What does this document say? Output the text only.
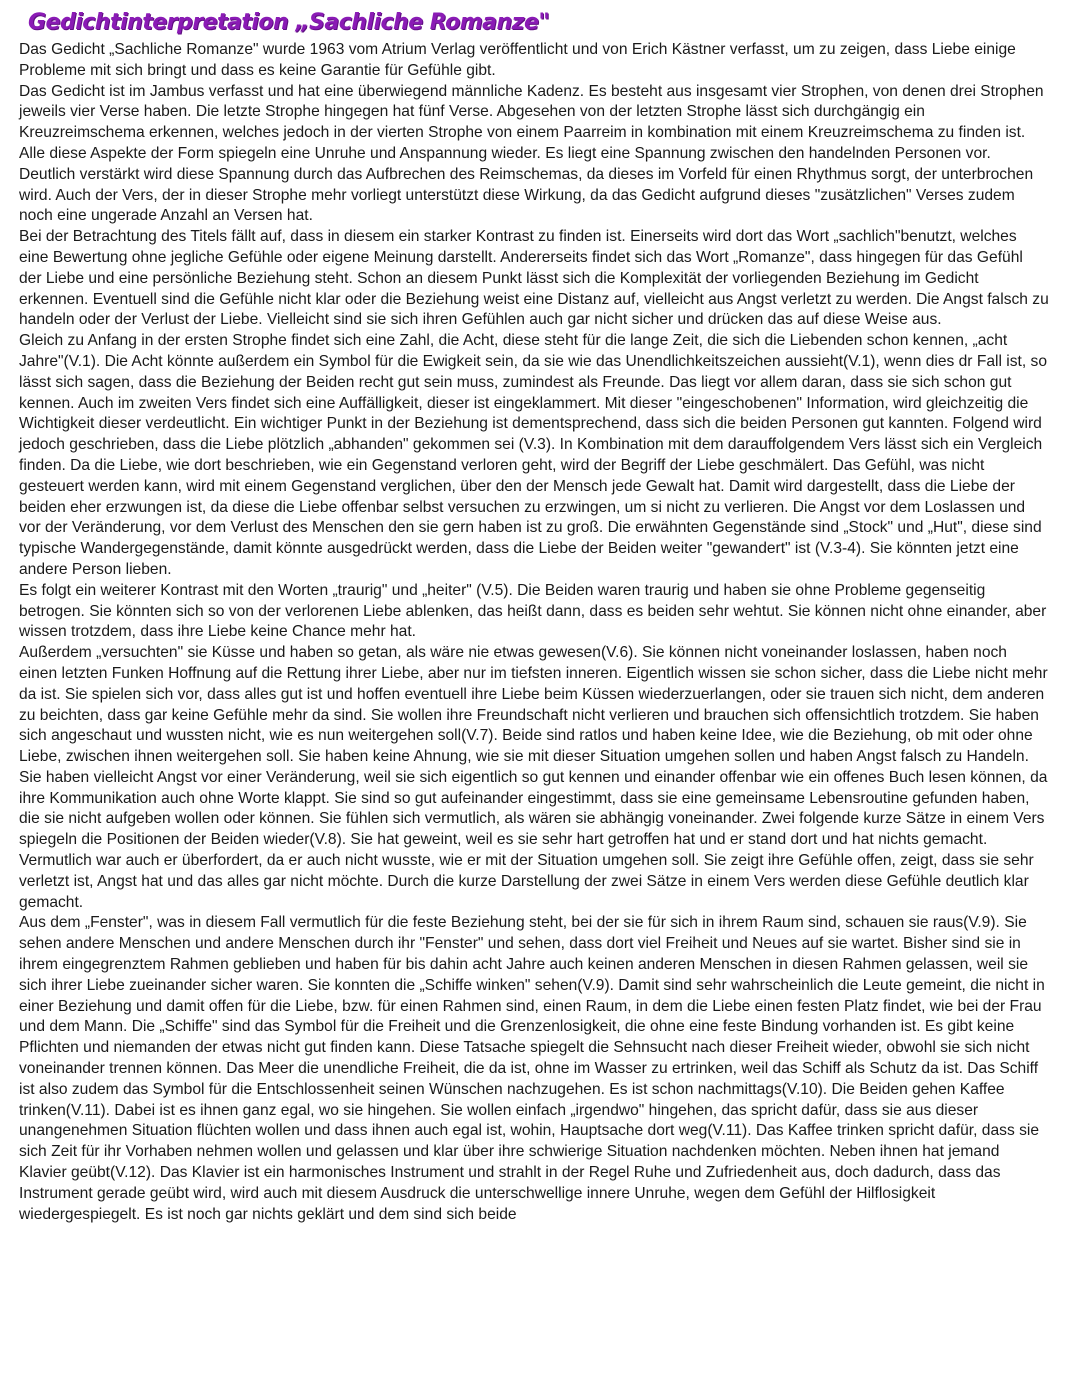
Gedichtinterpretation „Sachliche Romanze"

Das Gedicht „Sachliche Romanze" wurde 1963 vom Atrium Verlag veröffentlicht und von Erich Kästner verfasst, um zu zeigen, dass Liebe einige Probleme mit sich bringt und dass es keine Garantie für Gefühle gibt.

Das Gedicht ist im Jambus verfasst und hat eine überwiegend männliche Kadenz. Es besteht aus insgesamt vier Strophen, von denen drei Strophen jeweils vier Verse haben. Die letzte Strophe hingegen hat fünf Verse. Abgesehen von der letzten Strophe lässt sich durchgängig ein Kreuzreimschema erkennen, welches jedoch in der vierten Strophe von einem Paarreim in kombination mit einem Kreuzreimschema zu finden ist. Alle diese Aspekte der Form spiegeln eine Unruhe und Anspannung wieder. Es liegt eine Spannung zwischen den handelnden Personen vor. Deutlich verstärkt wird diese Spannung durch das Aufbrechen des Reimschemas, da dieses im Vorfeld für einen Rhythmus sorgt, der unterbrochen wird. Auch der Vers, der in dieser Strophe mehr vorliegt unterstützt diese Wirkung, da das Gedicht aufgrund dieses "zusätzlichen" Verses zudem noch eine ungerade Anzahl an Versen hat.

Bei der Betrachtung des Titels fällt auf, dass in diesem ein starker Kontrast zu finden ist. Einerseits wird dort das Wort „sachlich"benutzt, welches eine Bewertung ohne jegliche Gefühle oder eigene Meinung darstellt. Andererseits findet sich das Wort „Romanze", dass hingegen für das Gefühl der Liebe und eine persönliche Beziehung steht. Schon an diesem Punkt lässt sich die Komplexität der vorliegenden Beziehung im Gedicht erkennen. Eventuell sind die Gefühle nicht klar oder die Beziehung weist eine Distanz auf, vielleicht aus Angst verletzt zu werden. Die Angst falsch zu handeln oder der Verlust der Liebe. Vielleicht sind sie sich ihren Gefühlen auch gar nicht sicher und drücken das auf diese Weise aus.

Gleich zu Anfang in der ersten Strophe findet sich eine Zahl, die Acht, diese steht für die lange Zeit, die sich die Liebenden schon kennen, „acht Jahre"(V.1). Die Acht könnte außerdem ein Symbol für die Ewigkeit sein, da sie wie das Unendlichkeitszeichen aussieht(V.1), wenn dies dr Fall ist, so lässt sich sagen, dass die Beziehung der Beiden recht gut sein muss, zumindest als Freunde. Das liegt vor allem daran, dass sie sich schon gut kennen. Auch im zweiten Vers findet sich eine Auffälligkeit, dieser ist eingeklammert. Mit dieser "eingeschobenen" Information, wird gleichzeitig die Wichtigkeit dieser verdeutlicht. Ein wichtiger Punkt in der Beziehung ist dementsprechend, dass sich die beiden Personen gut kannten. Folgend wird jedoch geschrieben, dass die Liebe plötzlich „abhanden" gekommen sei (V.3). In Kombination mit dem darauffolgendem Vers lässt sich ein Vergleich finden. Da die Liebe, wie dort beschrieben, wie ein Gegenstand verloren geht, wird der Begriff der Liebe geschmälert. Das Gefühl, was nicht gesteuert werden kann, wird mit einem Gegenstand verglichen, über den der Mensch jede Gewalt hat. Damit wird dargestellt, dass die Liebe der beiden eher erzwungen ist, da diese die Liebe offenbar selbst versuchen zu erzwingen, um si nicht zu verlieren. Die Angst vor dem Loslassen und vor der Veränderung, vor dem Verlust des Menschen den sie gern haben ist zu groß. Die erwähnten Gegenstände sind „Stock" und „Hut", diese sind typische Wandergegenstände, damit könnte ausgedrückt werden, dass die Liebe der Beiden weiter "gewandert" ist (V.3-4). Sie könnten jetzt eine andere Person lieben.

Es folgt ein weiterer Kontrast mit den Worten „traurig" und „heiter" (V.5). Die Beiden waren traurig und haben sie ohne Probleme gegenseitig betrogen. Sie könnten sich so von der verlorenen Liebe ablenken, das heißt dann, dass es beiden sehr wehtut. Sie können nicht ohne einander, aber wissen trotzdem, dass ihre Liebe keine Chance mehr hat.

Außerdem „versuchten" sie Küsse und haben so getan, als wäre nie etwas gewesen(V.6). Sie können nicht voneinander loslassen, haben noch einen letzten Funken Hoffnung auf die Rettung ihrer Liebe, aber nur im tiefsten inneren. Eigentlich wissen sie schon sicher, dass die Liebe nicht mehr da ist. Sie spielen sich vor, dass alles gut ist und hoffen eventuell ihre Liebe beim Küssen wiederzuerlangen, oder sie trauen sich nicht, dem anderen zu beichten, dass gar keine Gefühle mehr da sind. Sie wollen ihre Freundschaft nicht verlieren und brauchen sich offensichtlich trotzdem. Sie haben sich angeschaut und wussten nicht, wie es nun weitergehen soll(V.7). Beide sind ratlos und haben keine Idee, wie die Beziehung, ob mit oder ohne Liebe, zwischen ihnen weitergehen soll. Sie haben keine Ahnung, wie sie mit dieser Situation umgehen sollen und haben Angst falsch zu Handeln. Sie haben vielleicht Angst vor einer Veränderung, weil sie sich eigentlich so gut kennen und einander offenbar wie ein offenes Buch lesen können, da ihre Kommunikation auch ohne Worte klappt. Sie sind so gut aufeinander eingestimmt, dass sie eine gemeinsame Lebensroutine gefunden haben, die sie nicht aufgeben wollen oder können. Sie fühlen sich vermutlich, als wären sie abhängig voneinander. Zwei folgende kurze Sätze in einem Vers spiegeln die Positionen der Beiden wieder(V.8). Sie hat geweint, weil es sie sehr hart getroffen hat und er stand dort und hat nichts gemacht. Vermutlich war auch er überfordert, da er auch nicht wusste, wie er mit der Situation umgehen soll. Sie zeigt ihre Gefühle offen, zeigt, dass sie sehr verletzt ist, Angst hat und das alles gar nicht möchte. Durch die kurze Darstellung der zwei Sätze in einem Vers werden diese Gefühle deutlich klar gemacht.

Aus dem „Fenster", was in diesem Fall vermutlich für die feste Beziehung steht, bei der sie für sich in ihrem Raum sind, schauen sie raus(V.9). Sie sehen andere Menschen und andere Menschen durch ihr "Fenster" und sehen, dass dort viel Freiheit und Neues auf sie wartet. Bisher sind sie in ihrem eingegrenztem Rahmen geblieben und haben für bis dahin acht Jahre auch keinen anderen Menschen in diesen Rahmen gelassen, weil sie sich ihrer Liebe zueinander sicher waren. Sie konnten die „Schiffe winken" sehen(V.9). Damit sind sehr wahrscheinlich die Leute gemeint, die nicht in einer Beziehung und damit offen für die Liebe, bzw. für einen Rahmen sind, einen Raum, in dem die Liebe einen festen Platz findet, wie bei der Frau und dem Mann. Die „Schiffe" sind das Symbol für die Freiheit und die Grenzenlosigkeit, die ohne eine feste Bindung vorhanden ist. Es gibt keine Pflichten und niemanden der etwas nicht gut finden kann. Diese Tatsache spiegelt die Sehnsucht nach dieser Freiheit wieder, obwohl sie sich nicht voneinander trennen können. Das Meer die unendliche Freiheit, die da ist, ohne im Wasser zu ertrinken, weil das Schiff als Schutz da ist. Das Schiff ist also zudem das Symbol für die Entschlossenheit seinen Wünschen nachzugehen. Es ist schon nachmittags(V.10). Die Beiden gehen Kaffee trinken(V.11). Dabei ist es ihnen ganz egal, wo sie hingehen. Sie wollen einfach „irgendwo" hingehen, das spricht dafür, dass sie aus dieser unangenehmen Situation flüchten wollen und dass ihnen auch egal ist, wohin, Hauptsache dort weg(V.11). Das Kaffee trinken spricht dafür, dass sie sich Zeit für ihr Vorhaben nehmen wollen und gelassen und klar über ihre schwierige Situation nachdenken möchten. Neben ihnen hat jemand Klavier geübt(V.12). Das Klavier ist ein harmonisches Instrument und strahlt in der Regel Ruhe und Zufriedenheit aus, doch dadurch, dass das Instrument gerade geübt wird, wird auch mit diesem Ausdruck die unterschwellige innere Unruhe, wegen dem Gefühl der Hilflosigkeit wiedergespiegelt. Es ist noch gar nichts geklärt und dem sind sich beide
